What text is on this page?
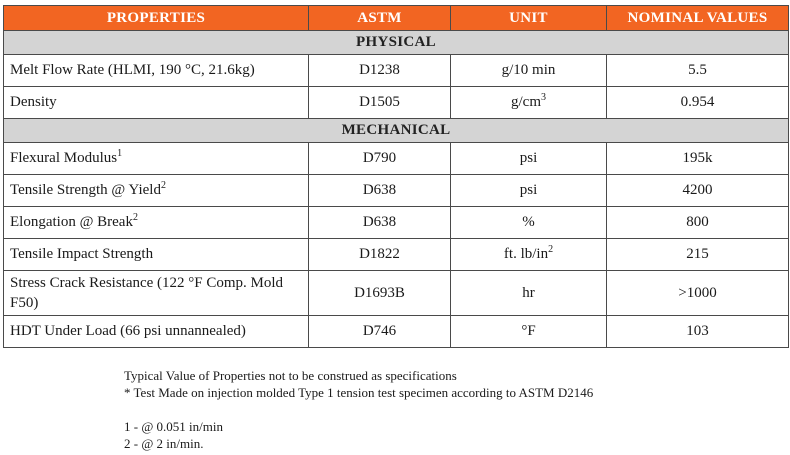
PROPERTIES	ASTM	UNIT	NOMINAL VALUES
PHYSICAL			
Melt Flow Rate (HLMI, 190 °C, 21.6kg)	D1238	g/10 min	5.5
Density	D1505	$g/cm^3$	0.954
MECHANICAL			
Flexural Modulus$^1$	D790	psi	195k
Tensile Strength @ Yield$^2$	D638	psi	4200
Elongation @ Break$^2$	D638	%	800
Tensile Impact Strength	D1822	ft. $lb/in^2$	215
Stress Crack Resistance (122 °F Comp. Mold F50)	D1693B	hr	>1000
HDT Under Load (66 psi unnannealed)	D746	°F	103
Typical Value of Properties not to be construed as specifications
* Test Made on injection molded Type 1 tension test specimen according to ASTM D2146
1 - @ 0.051 in/min
2 - @ 2 in/min.
